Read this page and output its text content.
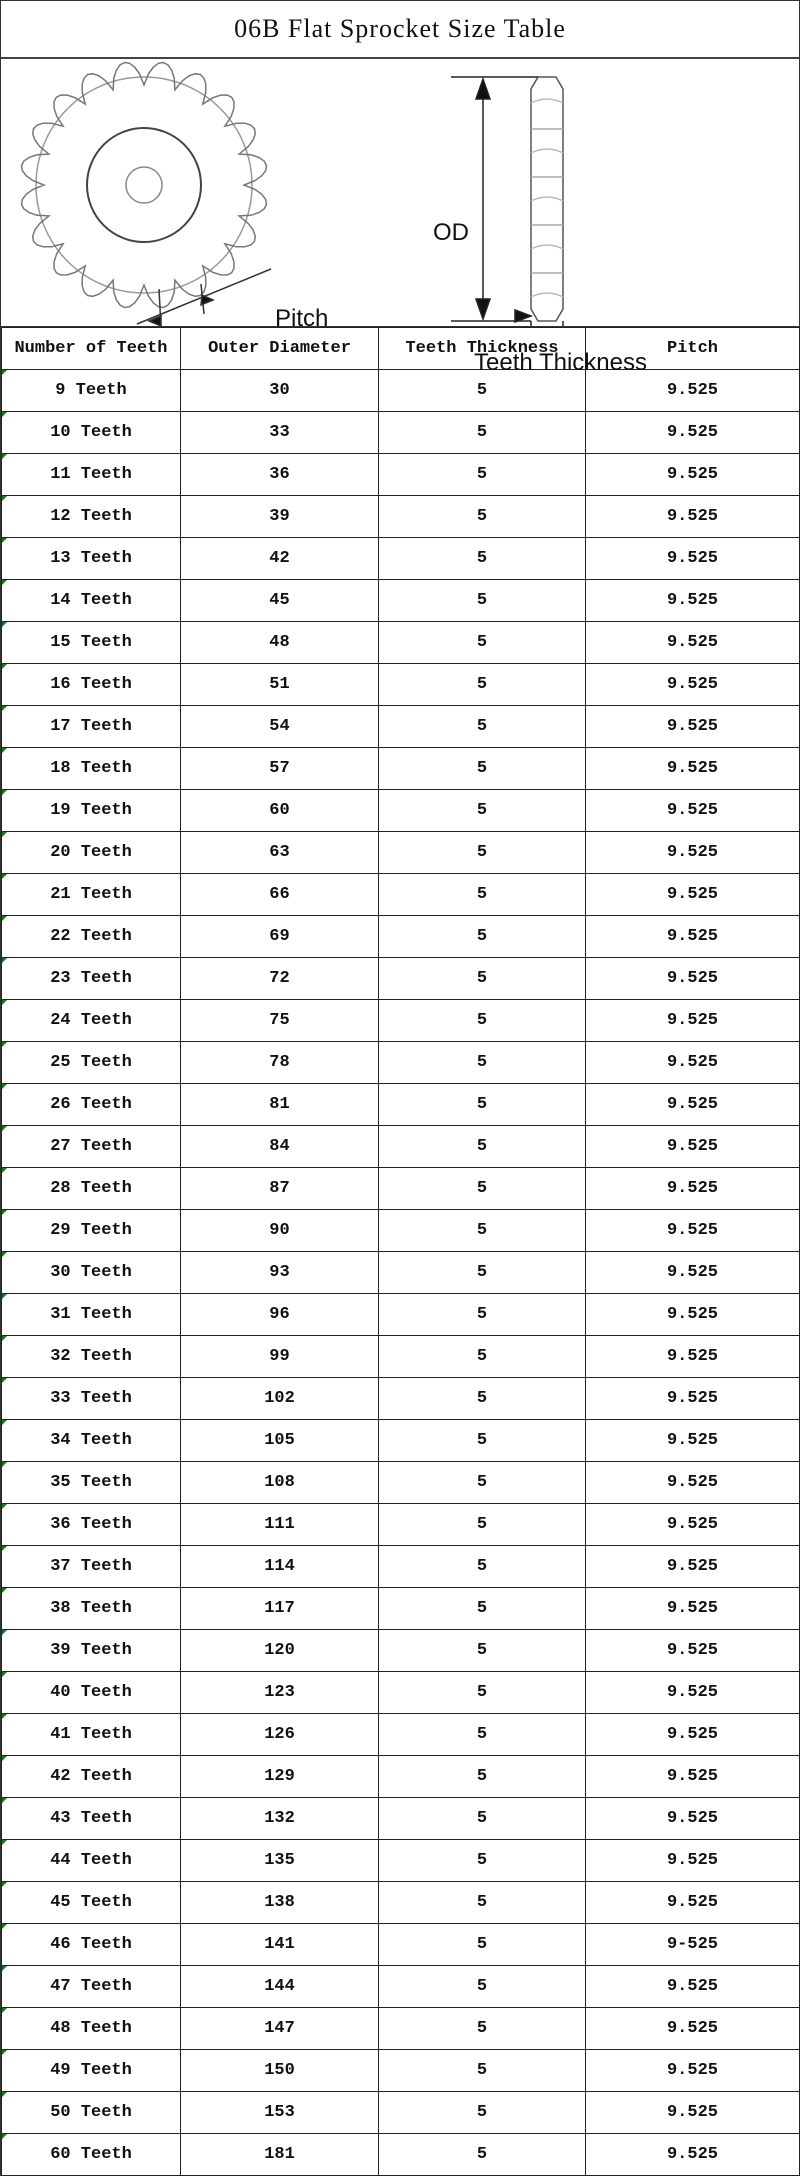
06B Flat Sprocket Size Table
Pitch
OD
Teeth Thickness
Number of Teeth	Outer Diameter	Teeth Thickness	Pitch
9 Teeth	30	5	9.525
10 Teeth	33	5	9.525
11 Teeth	36	5	9.525
12 Teeth	39	5	9.525
13 Teeth	42	5	9.525
14 Teeth	45	5	9.525
15 Teeth	48	5	9.525
16 Teeth	51	5	9.525
17 Teeth	54	5	9.525
18 Teeth	57	5	9.525
19 Teeth	60	5	9.525
20 Teeth	63	5	9.525
21 Teeth	66	5	9.525
22 Teeth	69	5	9.525
23 Teeth	72	5	9.525
24 Teeth	75	5	9.525
25 Teeth	78	5	9.525
26 Teeth	81	5	9.525
27 Teeth	84	5	9.525
28 Teeth	87	5	9.525
29 Teeth	90	5	9.525
30 Teeth	93	5	9.525
31 Teeth	96	5	9.525
32 Teeth	99	5	9.525
33 Teeth	102	5	9.525
34 Teeth	105	5	9.525
35 Teeth	108	5	9.525
36 Teeth	111	5	9.525
37 Teeth	114	5	9.525
38 Teeth	117	5	9.525
39 Teeth	120	5	9.525
40 Teeth	123	5	9.525
41 Teeth	126	5	9.525
42 Teeth	129	5	9.525
43 Teeth	132	5	9.525
44 Teeth	135	5	9.525
45 Teeth	138	5	9.525
46 Teeth	141	5	9-525
47 Teeth	144	5	9.525
48 Teeth	147	5	9.525
49 Teeth	150	5	9.525
50 Teeth	153	5	9.525
60 Teeth	181	5	9.525
